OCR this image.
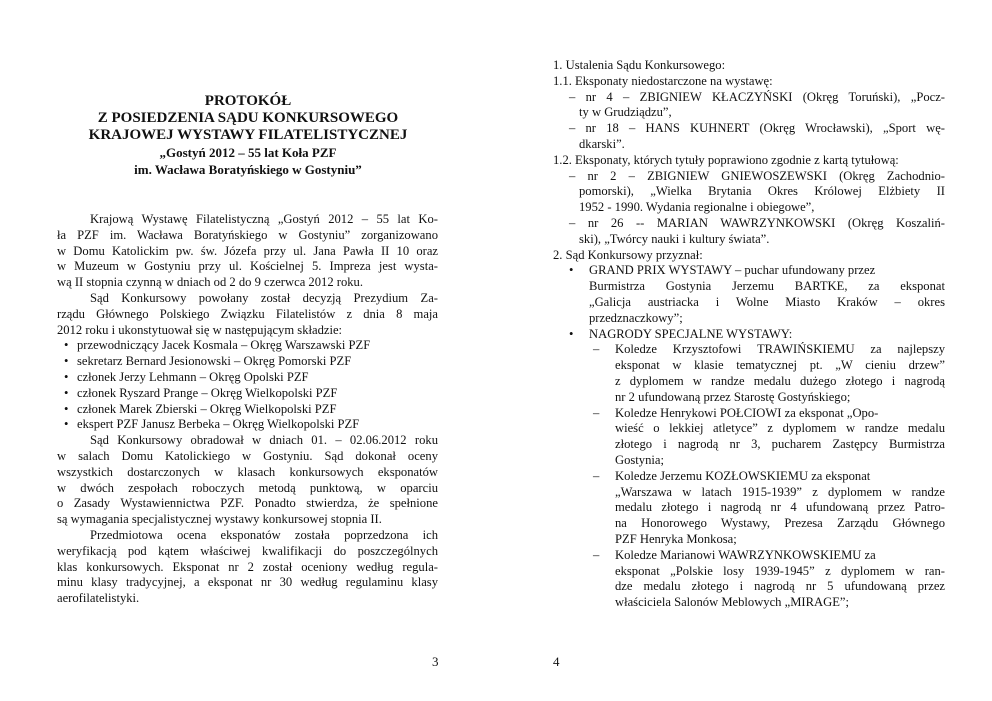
PROTOKÓŁ

Z POSIEDZENIA SĄDU KONKURSOWEGO

KRAJOWEJ WYSTAWY FILATELISTYCZNEJ

„Gostyń 2012 – 55 lat Koła PZF

im. Wacława Boratyńskiego w Gostyniu”

Krajową Wystawę Filatelistyczną „Gostyń 2012 – 55 lat Ko-
ła PZF im. Wacława Boratyńskiego w Gostyniu” zorganizowano
w Domu Katolickim pw. św. Józefa przy ul. Jana Pawła II 10 oraz
w Muzeum w Gostyniu przy ul. Kościelnej 5. Impreza jest wysta-
wą II stopnia czynną w dniach od 2 do 9 czerwca 2012 roku.
Sąd Konkursowy powołany został decyzją Prezydium Za-
rządu Głównego Polskiego Związku Filatelistów z dnia 8 maja
2012 roku i ukonstytuował się w następującym składzie:
• przewodniczący Jacek Kosmala – Okręg Warszawski PZF
• sekretarz Bernard Jesionowski – Okręg Pomorski PZF
• członek Jerzy Lehmann – Okręg Opolski PZF
• członek Ryszard Prange – Okręg Wielkopolski PZF
• członek Marek Zbierski – Okręg Wielkopolski PZF
• ekspert PZF Janusz Berbeka – Okręg Wielkopolski PZF
Sąd Konkursowy obradował w dniach 01. – 02.06.2012 roku
w salach Domu Katolickiego w Gostyniu. Sąd dokonał oceny
wszystkich dostarczonych w klasach konkursowych eksponatów
w dwóch zespołach roboczych metodą punktową, w oparciu
o Zasady Wystawiennictwa PZF. Ponadto stwierdza, że spełnione
są wymagania specjalistycznej wystawy konkursowej stopnia II.
Przedmiotowa ocena eksponatów została poprzedzona ich
weryfikacją pod kątem właściwej kwalifikacji do poszczególnych
klas konkursowych. Eksponat nr 2 został oceniony według regula-
minu klasy tradycyjnej, a eksponat nr 30 według regulaminu klasy
aerofilatelistyki.
3
1. Ustalenia Sądu Konkursowego:
1.1. Eksponaty niedostarczone na wystawę:
– nr 4 – ZBIGNIEW KŁACZYŃSKI (Okręg Toruński), „Pocz-
ty w Grudziądzu”,
– nr 18 – HANS KUHNERT (Okręg Wrocławski), „Sport wę-
dkarski”.
1.2. Eksponaty, których tytuły poprawiono zgodnie z kartą tytułową:
– nr 2 – ZBIGNIEW GNIEWOSZEWSKI (Okręg Zachodnio-
pomorski), „Wielka Brytania Okres Królowej Elżbiety II
1952 - 1990. Wydania regionalne i obiegowe”,
– nr 26 -- MARIAN WAWRZYNKOWSKI (Okręg Koszaliń-
ski), „Twórcy nauki i kultury świata”.
2. Sąd Konkursowy przyznał:
• GRAND PRIX WYSTAWY – puchar ufundowany przez
Burmistrza Gostynia Jerzemu BARTKE, za eksponat
„Galicja austriacka i Wolne Miasto Kraków – okres
przedznaczkowy”;
• NAGRODY SPECJALNE WYSTAWY:
– Koledze Krzysztofowi TRAWIŃSKIEMU za najlepszy
eksponat w klasie tematycznej pt. „W cieniu drzew”
z dyplomem w randze medalu dużego złotego i nagrodą
nr 2 ufundowaną przez Starostę Gostyńskiego;
– Koledze Henrykowi POŁCIOWI za eksponat „Opo-
wieść o lekkiej atletyce” z dyplomem w randze medalu
złotego i nagrodą nr 3, pucharem Zastępcy Burmistrza
Gostynia;
– Koledze Jerzemu KOZŁOWSKIEMU za eksponat
„Warszawa w latach 1915-1939” z dyplomem w randze
medalu złotego i nagrodą nr 4 ufundowaną przez Patro-
na Honorowego Wystawy, Prezesa Zarządu Głównego
PZF Henryka Monkosa;
– Koledze Marianowi WAWRZYNKOWSKIEMU za
eksponat „Polskie losy 1939-1945” z dyplomem w ran-
dze medalu złotego i nagrodą nr 5 ufundowaną przez
właściciela Salonów Meblowych „MIRAGE”;
4
